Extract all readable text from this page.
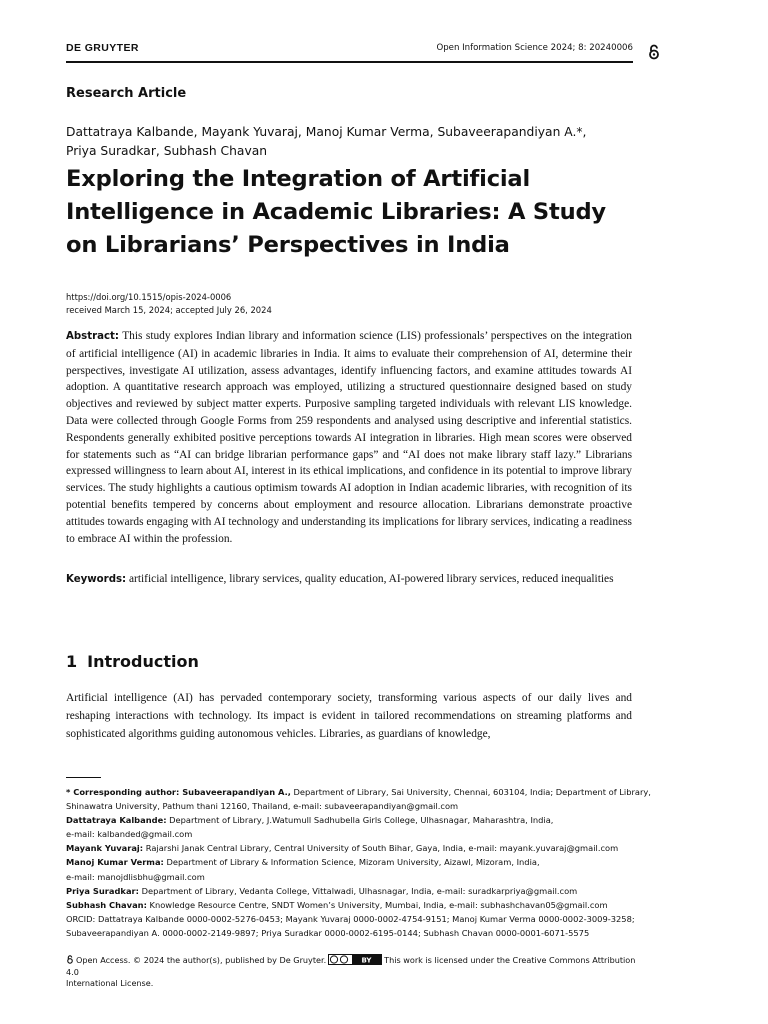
DE GRUYTER	Open Information Science 2024; 8: 20240006
Research Article
Dattatraya Kalbande, Mayank Yuvaraj, Manoj Kumar Verma, Subaveerapandiyan A.*,
Priya Suradkar, Subhash Chavan
Exploring the Integration of Artificial
Intelligence in Academic Libraries: A Study
on Librarians’ Perspectives in India
https://doi.org/10.1515/opis-2024-0006
received March 15, 2024; accepted July 26, 2024
Abstract: This study explores Indian library and information science (LIS) professionals’ perspectives on the integration of artificial intelligence (AI) in academic libraries in India. It aims to evaluate their comprehension of AI, determine their perspectives, investigate AI utilization, assess advantages, identify influencing factors, and examine attitudes towards AI adoption. A quantitative research approach was employed, utilizing a structured questionnaire designed based on study objectives and reviewed by subject matter experts. Purposive sampling targeted individuals with relevant LIS knowledge. Data were collected through Google Forms from 259 respondents and analysed using descriptive and inferential statistics. Respondents generally exhibited positive perceptions towards AI integration in libraries. High mean scores were observed for statements such as “AI can bridge librarian performance gaps” and “AI does not make library staff lazy.” Librarians expressed willingness to learn about AI, interest in its ethical implications, and confidence in its potential to improve library services. The study highlights a cautious optimism towards AI adoption in Indian academic libraries, with recognition of its potential benefits tempered by concerns about employment and resource allocation. Librarians demonstrate proactive attitudes towards engaging with AI technology and understanding its implications for library services, indicating a readiness to embrace AI within the profession.
Keywords: artificial intelligence, library services, quality education, AI-powered library services, reduced inequalities
1 Introduction
Artificial intelligence (AI) has pervaded contemporary society, transforming various aspects of our daily lives and reshaping interactions with technology. Its impact is evident in tailored recommendations on streaming platforms and sophisticated algorithms guiding autonomous vehicles. Libraries, as guardians of knowledge,
* Corresponding author: Subaveerapandiyan A., Department of Library, Sai University, Chennai, 603104, India; Department of Library,
Shinawatra University, Pathum thani 12160, Thailand, e-mail: subaveerapandiyan@gmail.com
Dattatraya Kalbande: Department of Library, J.Watumull Sadhubella Girls College, Ulhasnagar, Maharashtra, India,
e-mail: kalbanded@gmail.com
Mayank Yuvaraj: Rajarshi Janak Central Library, Central University of South Bihar, Gaya, India, e-mail: mayank.yuvaraj@gmail.com
Manoj Kumar Verma: Department of Library & Information Science, Mizoram University, Aizawl, Mizoram, India,
e-mail: manojdlisbhu@gmail.com
Priya Suradkar: Department of Library, Vedanta College, Vittalwadi, Ulhasnagar, India, e-mail: suradkarpriya@gmail.com
Subhash Chavan: Knowledge Resource Centre, SNDT Women’s University, Mumbai, India, e-mail: subhashchavan05@gmail.com
ORCID: Dattatraya Kalbande 0000-0002-5276-0453; Mayank Yuvaraj 0000-0002-4754-9151; Manoj Kumar Verma 0000-0002-3009-3258;
Subaveerapandiyan A. 0000-0002-2149-9897; Priya Suradkar 0000-0002-6195-0144; Subhash Chavan 0000-0001-6071-5575
Open Access. © 2024 the author(s), published by De Gruyter.	BY This work is licensed under the Creative Commons Attribution 4.0
International License.
